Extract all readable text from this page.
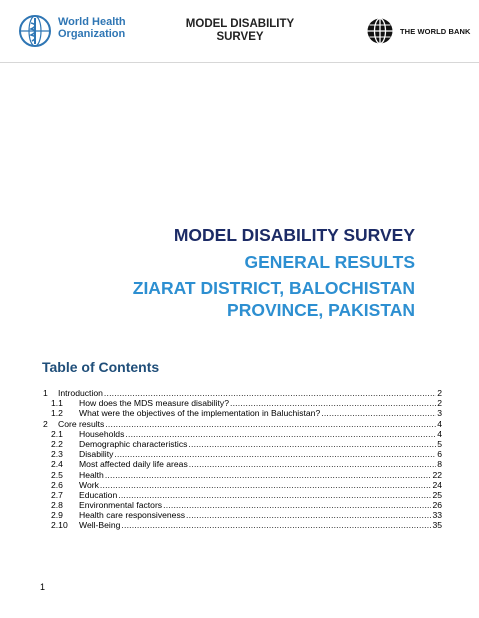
World Health
Organization
MODEL DISABILITY
SURVEY	THE WORLD BANK
MODEL DISABILITY SURVEY
GENERAL RESULTS
ZIARAT DISTRICT, BALOCHISTAN
PROVINCE, PAKISTAN
Table of Contents
1	Introduction .....	2
1.1	How does the MDS measure disability? .....	2
1.2	What were the objectives of the implementation in Baluchistan? .....	3
2	Core results .....	4
2.1	Households .....	4
2.2	Demographic characteristics .....	5
2.3	Disability .....	6
2.4	Most affected daily life areas .....	8
2.5	Health .....	22
2.6	Work .....	24
2.7	Education .....	25
2.8	Environmental factors .....	26
2.9	Health care responsiveness .....	33
2.10	Well-Being .....	35
1
